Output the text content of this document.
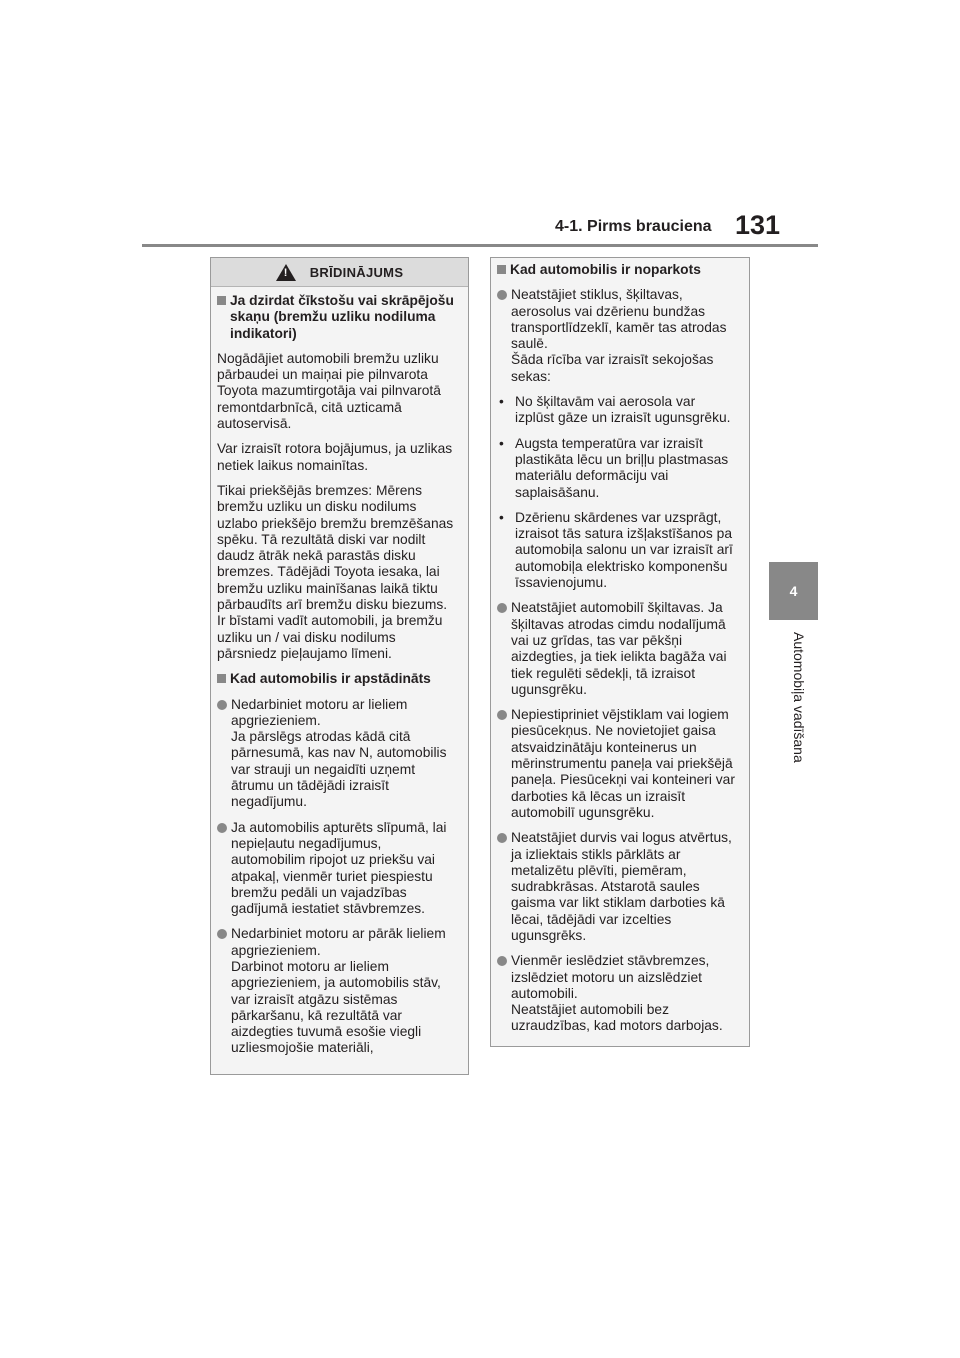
4-1. Pirms brauciena 131
4
Automobiļa vadīšana
! BRĪDINĀJUMS
Ja dzirdat čīkstošu vai skrāpējošu skaņu (bremžu uzliku nodiluma indikatori)

Nogādājiet automobili bremžu uzliku pārbaudei un maiņai pie pilnvarota Toyota mazumtirgotāja vai pilnvarotā remontdarbnīcā, citā uzticamā autoservisā.

Var izraisīt rotora bojājumus, ja uzlikas netiek laikus nomainītas.

Tikai priekšējās bremzes: Mērens bremžu uzliku un disku nodilums uzlabo priekšējo bremžu bremzēšanas spēku. Tā rezultātā diski var nodilt daudz ātrāk nekā parastās disku bremzes. Tādējādi Toyota iesaka, lai bremžu uzliku mainīšanas laikā tiktu pārbaudīts arī bremžu disku biezums. Ir bīstami vadīt automobili, ja bremžu uzliku un / vai disku nodilums pārsniedz pieļaujamo līmeni.

Kad automobilis ir apstādināts
Nedarbiniet motoru ar lieliem apgriezieniem.
Ja pārslēgs atrodas kādā citā pārnesumā, kas nav N, automobilis var strauji un negaidīti uzņemt ātrumu un tādējādi izraisīt negadījumu.
Ja automobilis apturēts slīpumā, lai nepieļautu negadījumus, automobilim ripojot uz priekšu vai atpakaļ, vienmēr turiet piespiestu bremžu pedāli un vajadzības gadījumā iestatiet stāvbremzes.
Nedarbiniet motoru ar pārāk lieliem apgriezieniem.
Darbinot motoru ar lieliem apgriezieniem, ja automobilis stāv, var izraisīt atgāzu sistēmas pārkaršanu, kā rezultātā var aizdegties tuvumā esošie viegli uzliesmojošie materiāli,
Kad automobilis ir noparkots
Neatstājiet stiklus, šķiltavas, aerosolus vai dzērienu bundžas transportlīdzeklī, kamēr tas atrodas saulē.
Šāda rīcība var izraisīt sekojošas sekas:
• No šķiltavām vai aerosola var izplūst gāze un izraisīt ugunsgrēku.
• Augsta temperatūra var izraisīt plastikāta lēcu un briļļu plastmasas materiālu deformāciju vai saplaisāšanu.
• Dzērienu skārdenes var uzsprāgt, izraisot tās satura izšļakstīšanos pa automobiļa salonu un var izraisīt arī automobiļa elektrisko komponenšu īssavienojumu.
Neatstājiet automobilī šķiltavas. Ja šķiltavas atrodas cimdu nodalījumā vai uz grīdas, tas var pēkšņi aizdegties, ja tiek ielikta bagāža vai tiek regulēti sēdekļi, tā izraisot ugunsgrēku.
Nepiestipriniet vējstiklam vai logiem piesūcekņus. Ne novietojiet gaisa atsvaidzinātāju konteinerus un mērinstrumentu paneļa vai priekšējā paneļa. Piesūcekņi vai konteineri var darboties kā lēcas un izraisīt automobilī ugunsgrēku.
Neatstājiet durvis vai logus atvērtus, ja izliektais stikls pārklāts ar metalizētu plēvīti, piemēram, sudrabkrāsas. Atstarotā saules gaisma var likt stiklam darboties kā lēcai, tādējādi var izcelties ugunsgrēks.
Vienmēr ieslēdziet stāvbremzes, izslēdziet motoru un aizslēdziet automobili.
Neatstājiet automobili bez uzraudzības, kad motors darbojas.
